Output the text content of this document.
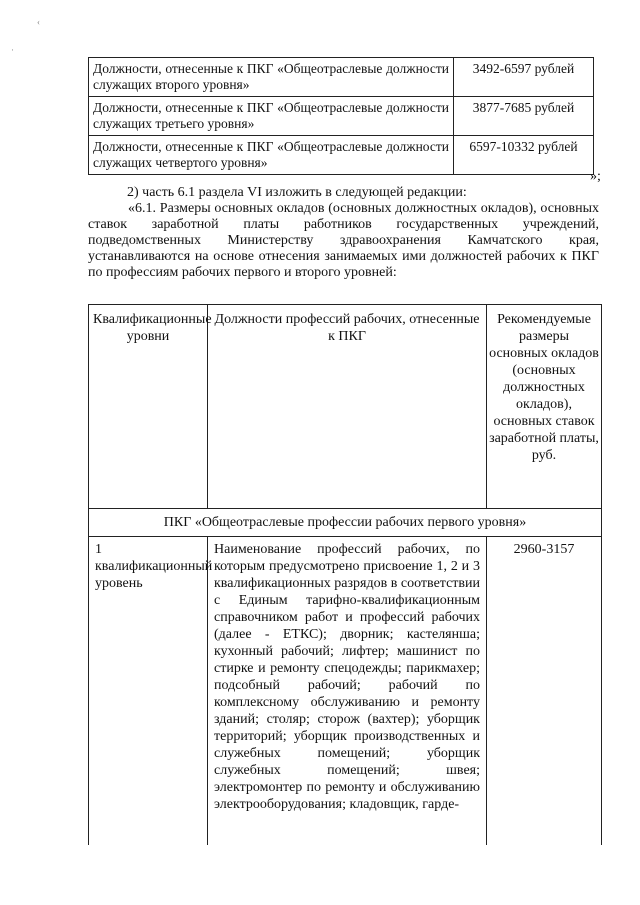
‹
·
Должности, отнесенные к ПКГ «Общеотраслевые должности служащих второго уровня»	3492-6597 рублей
Должности, отнесенные к ПКГ «Общеотраслевые должности служащих третьего уровня»	3877-7685 рублей
Должности, отнесенные к ПКГ «Общеотраслевые должности служащих четвертого уровня»	6597-10332 рублей
»;
2) часть 6.1 раздела VI изложить в следующей редакции:

«6.1. Размеры основных окладов (основных должностных окладов), основных ставок заработной платы работников государственных учреждений, подведомственных Министерству здравоохранения Камчатского края, устанавливаются на основе отнесения занимаемых ими должностей рабочих к ПКГ по профессиям рабочих первого и второго уровней:

Квалификационные уровни	Должности профессий рабочих, отнесенные к ПКГ	Рекомендуемые размеры основных окладов (основных должностных окладов), основных ставок заработной платы, руб.
ПКГ «Общеотраслевые профессии рабочих первого уровня»		
1 квалификационный уровень	Наименование профессий рабочих, по которым предусмотрено присвоение 1, 2 и 3 квалификационных разрядов в соответствии с Единым тарифно-квалификационным справочником работ и профессий рабочих (далее - ЕТКС); дворник; кастелянша; кухонный рабочий; лифтер; машинист по стирке и ремонту спецодежды; парикмахер; подсобный рабочий; рабочий по комплексному обслуживанию и ремонту зданий; столяр; сторож (вахтер); уборщик территорий; уборщик производственных и служебных помещений; уборщик служебных помещений; швея; электромонтер по ремонту и обслуживанию электрооборудования; кладовщик, гарде-	2960-3157
